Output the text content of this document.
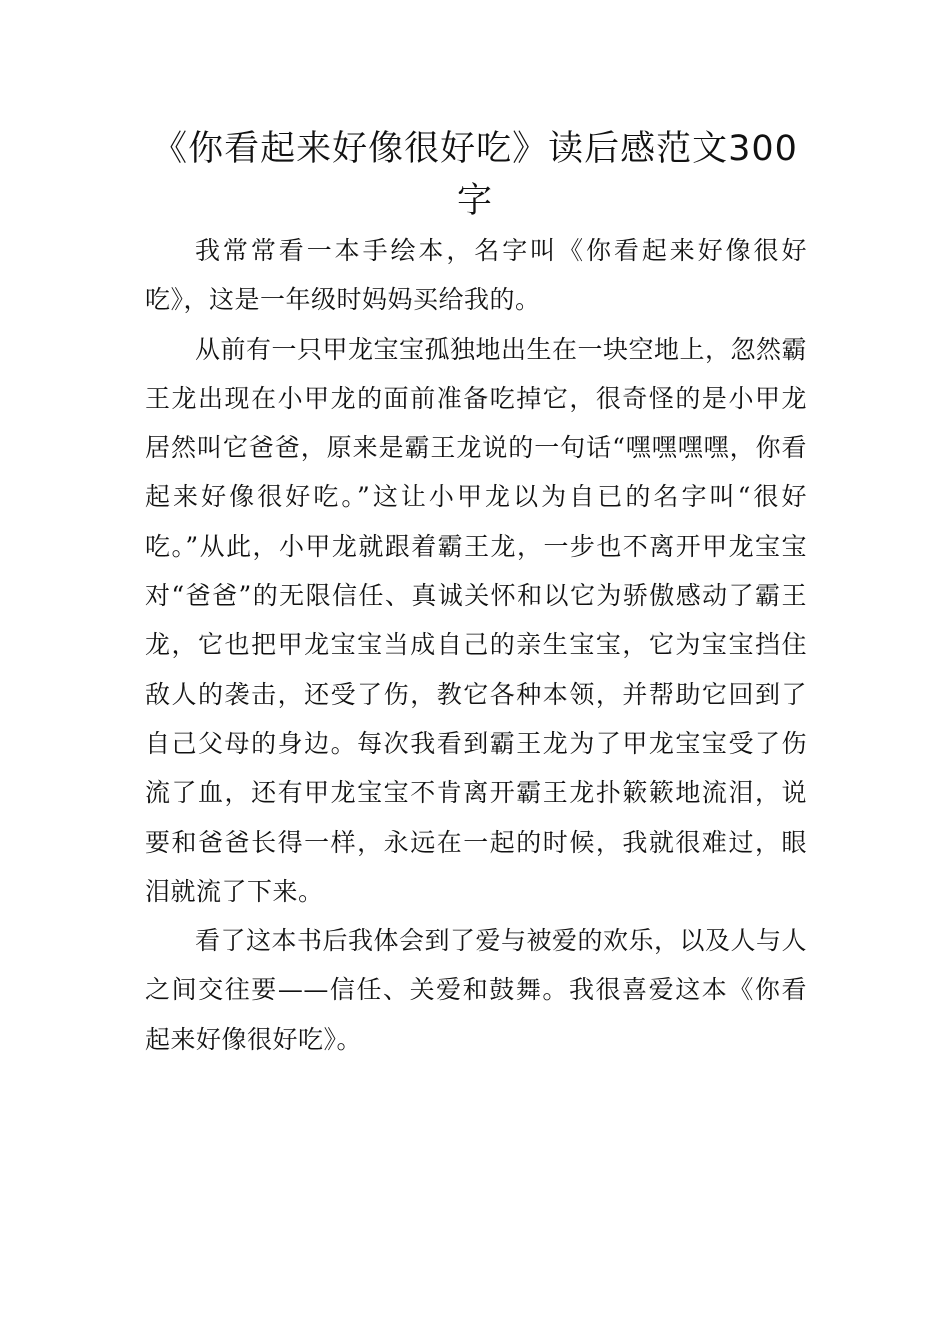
《你看起来好像很好吃》读后感范文300字

我常常看一本手绘本，名字叫《你看起来好像很好吃》，这是一年级时妈妈买给我的。

从前有一只甲龙宝宝孤独地出生在一块空地上，忽然霸王龙出现在小甲龙的面前准备吃掉它，很奇怪的是小甲龙居然叫它爸爸，原来是霸王龙说的一句话“嘿嘿嘿嘿，你看起来好像很好吃。”这让小甲龙以为自已的名字叫“很好吃。”从此，小甲龙就跟着霸王龙，一步也不离开甲龙宝宝对“爸爸”的无限信任、真诚关怀和以它为骄傲感动了霸王龙，它也把甲龙宝宝当成自己的亲生宝宝，它为宝宝挡住敌人的袭击，还受了伤，教它各种本领，并帮助它回到了自己父母的身边。每次我看到霸王龙为了甲龙宝宝受了伤流了血，还有甲龙宝宝不肯离开霸王龙扑簌簌地流泪，说要和爸爸长得一样，永远在一起的时候，我就很难过，眼泪就流了下来。

看了这本书后我体会到了爱与被爱的欢乐，以及人与人之间交往要——信任、关爱和鼓舞。我很喜爱这本《你看起来好像很好吃》。
